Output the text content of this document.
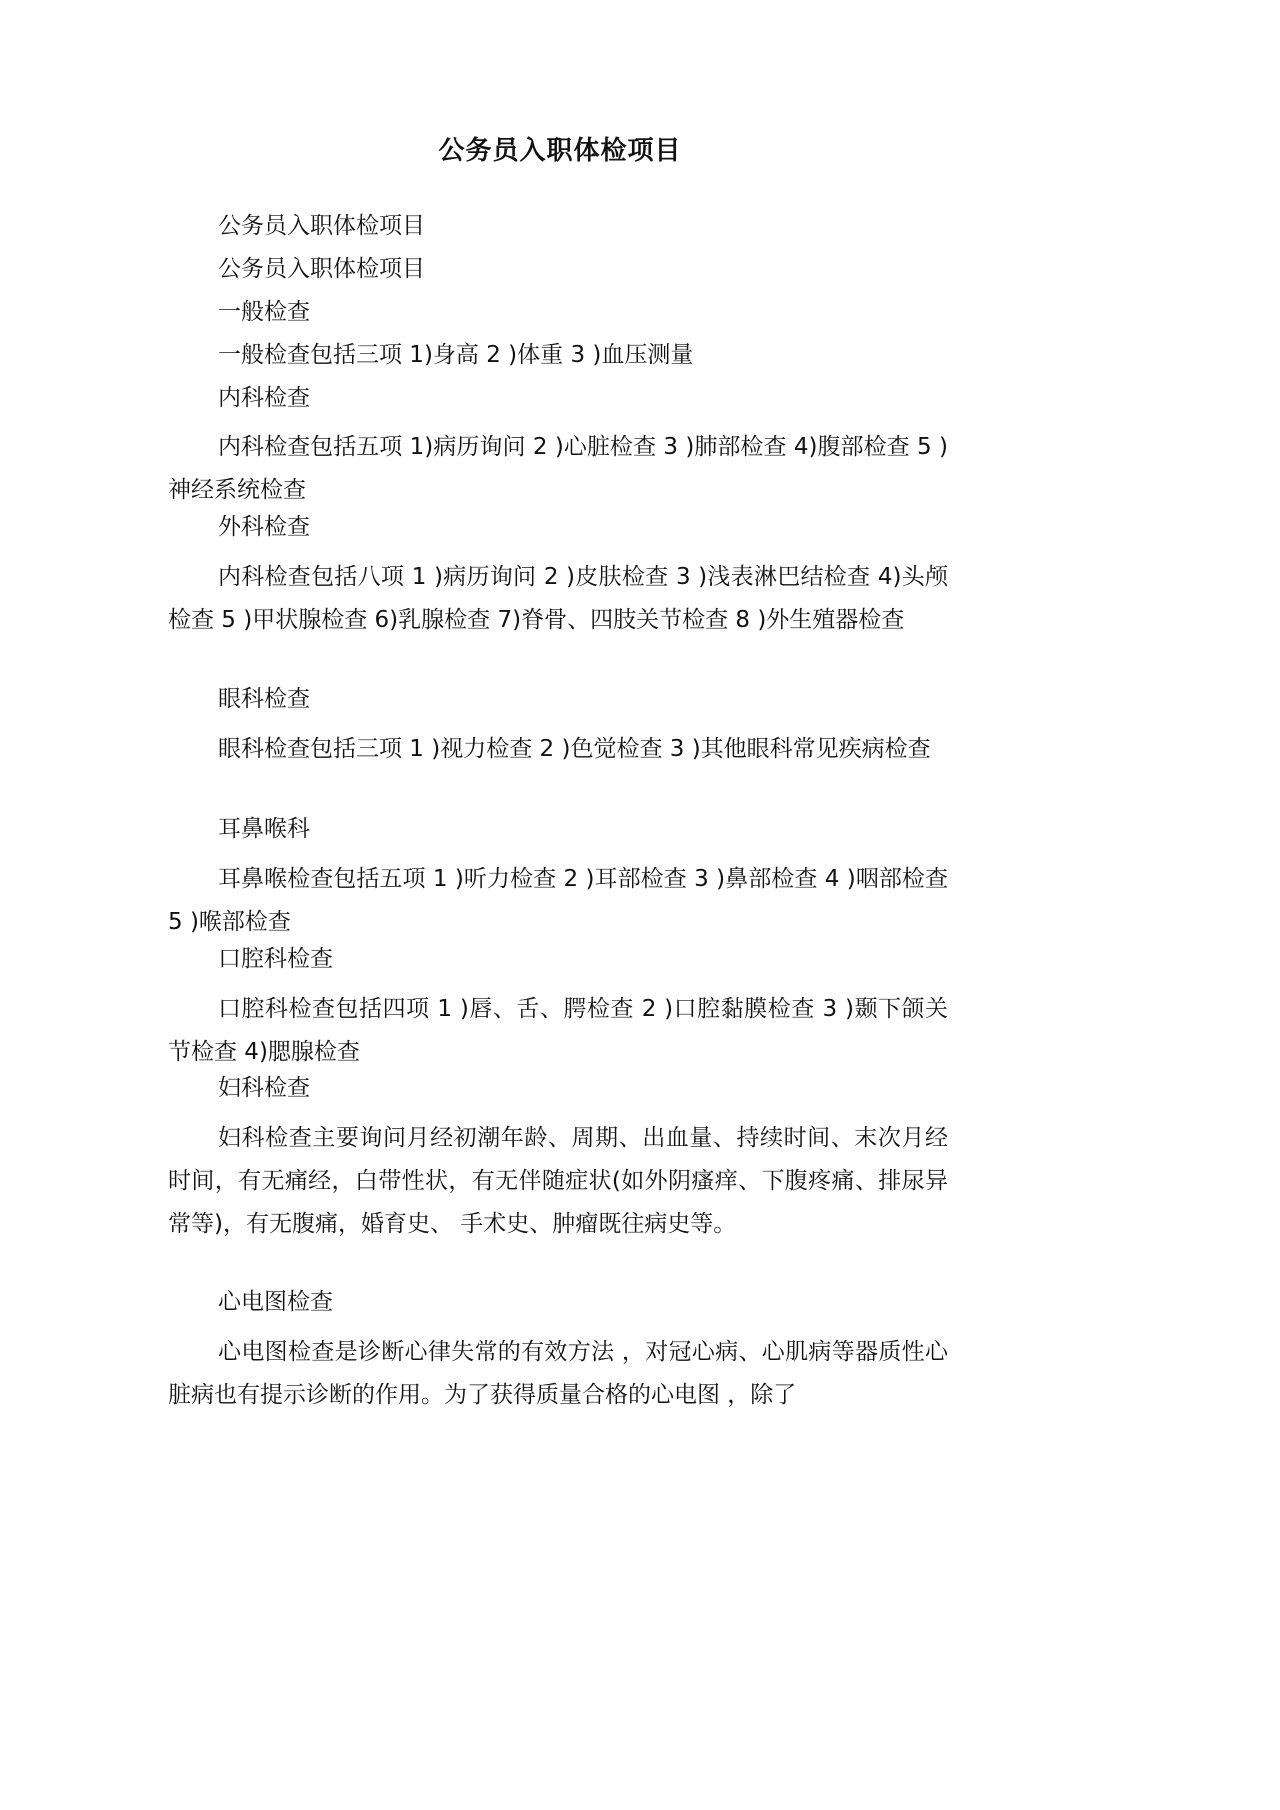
公务员入职体检项目

公务员入职体检项目

公务员入职体检项目

一般检查

一般检查包括三项 1)身高 2 )体重 3 )血压测量

内科检查

内科检查包括五项 1)病历询问 2 )心脏检查 3 )肺部检查 4)腹部检查 5 )神经系统检查

外科检查

内科检查包括八项 1 )病历询问 2 )皮肤检查 3 )浅表淋巴结检查 4)头颅检查 5 )甲状腺检查 6)乳腺检查 7)脊骨、四肢关节检查 8 )外生殖器检查

眼科检查

眼科检查包括三项 1 )视力检查 2 )色觉检查 3 )其他眼科常见疾病检查

耳鼻喉科

耳鼻喉检查包括五项 1 )听力检查 2 )耳部检查 3 )鼻部检查 4 )咽部检查 5 )喉部检查

口腔科检查

口腔科检查包括四项 1 )唇、舌、腭检查 2 )口腔黏膜检查 3 )颞下颌关节检查 4)腮腺检查

妇科检查

妇科检查主要询问月经初潮年龄、周期、出血量、持续时间、末次月经时间，有无痛经，白带性状，有无伴随症状(如外阴瘙痒、下腹疼痛、排尿异常等)，有无腹痛，婚育史、 手术史、肿瘤既往病史等。

心电图检查

心电图检查是诊断心律失常的有效方法 ，对冠心病、心肌病等器质性心脏病也有提示诊断的作用。为了获得质量合格的心电图 ，除了
